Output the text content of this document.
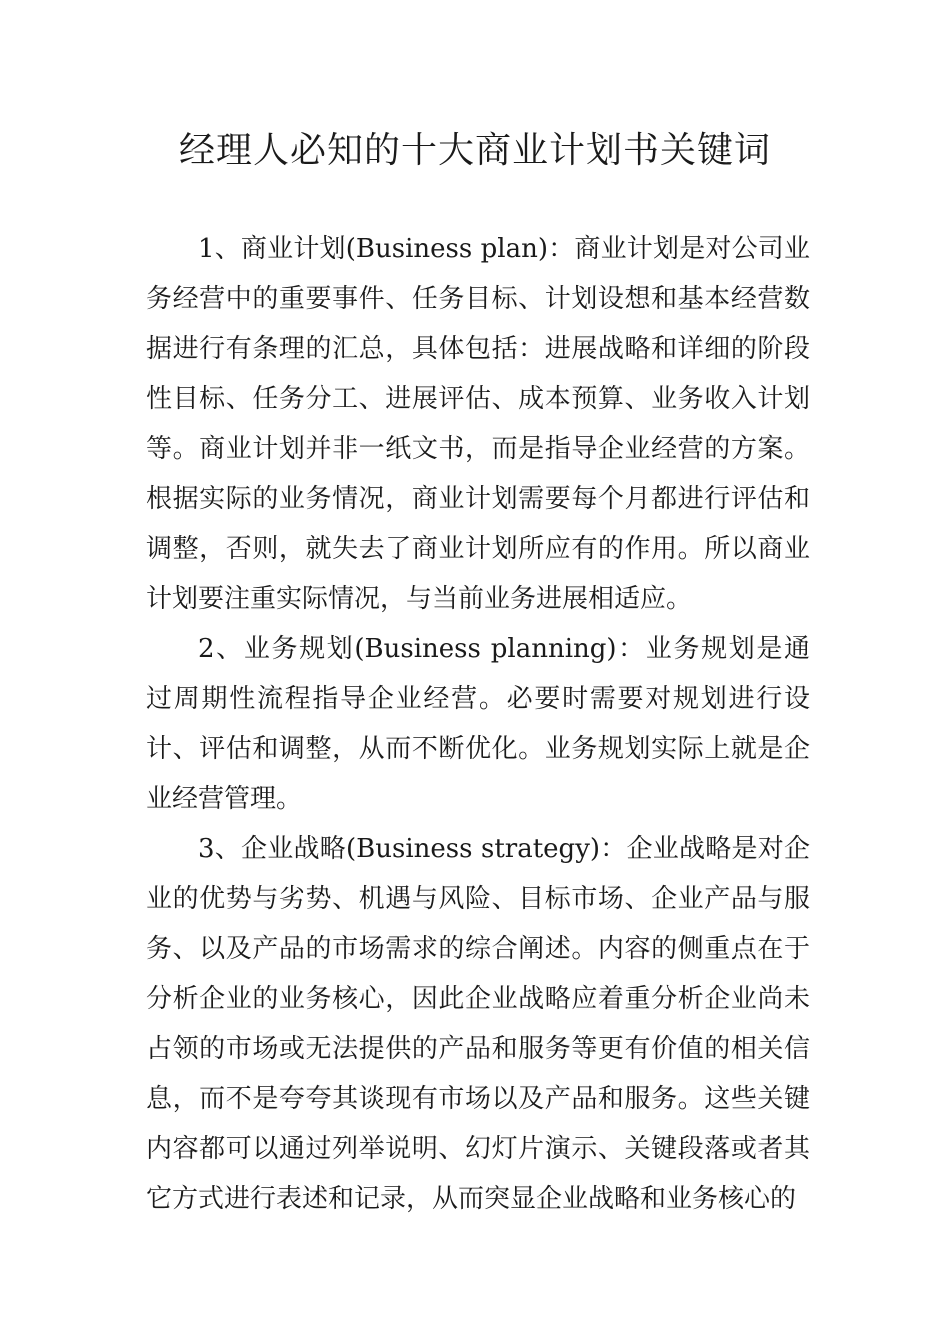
经理人必知的十大商业计划书关键词

1、商业计划(Business plan)：商业计划是对公司业务经营中的重要事件、任务目标、计划设想和基本经营数据进行有条理的汇总，具体包括：进展战略和详细的阶段性目标、任务分工、进展评估、成本预算、业务收入计划等。商业计划并非一纸文书，而是指导企业经营的方案。根据实际的业务情况，商业计划需要每个月都进行评估和调整，否则，就失去了商业计划所应有的作用。所以商业计划要注重实际情况，与当前业务进展相适应。

2、业务规划(Business planning)：业务规划是通过周期性流程指导企业经营。必要时需要对规划进行设计、评估和调整，从而不断优化。业务规划实际上就是企业经营管理。

3、企业战略(Business strategy)：企业战略是对企业的优势与劣势、机遇与风险、目标市场、企业产品与服务、以及产品的市场需求的综合阐述。内容的侧重点在于分析企业的业务核心，因此企业战略应着重分析企业尚未占领的市场或无法提供的产品和服务等更有价值的相关信息，而不是夸夸其谈现有市场以及产品和服务。这些关键内容都可以通过列举说明、幻灯片演示、关键段落或者其它方式进行表述和记录，从而突显企业战略和业务核心的
